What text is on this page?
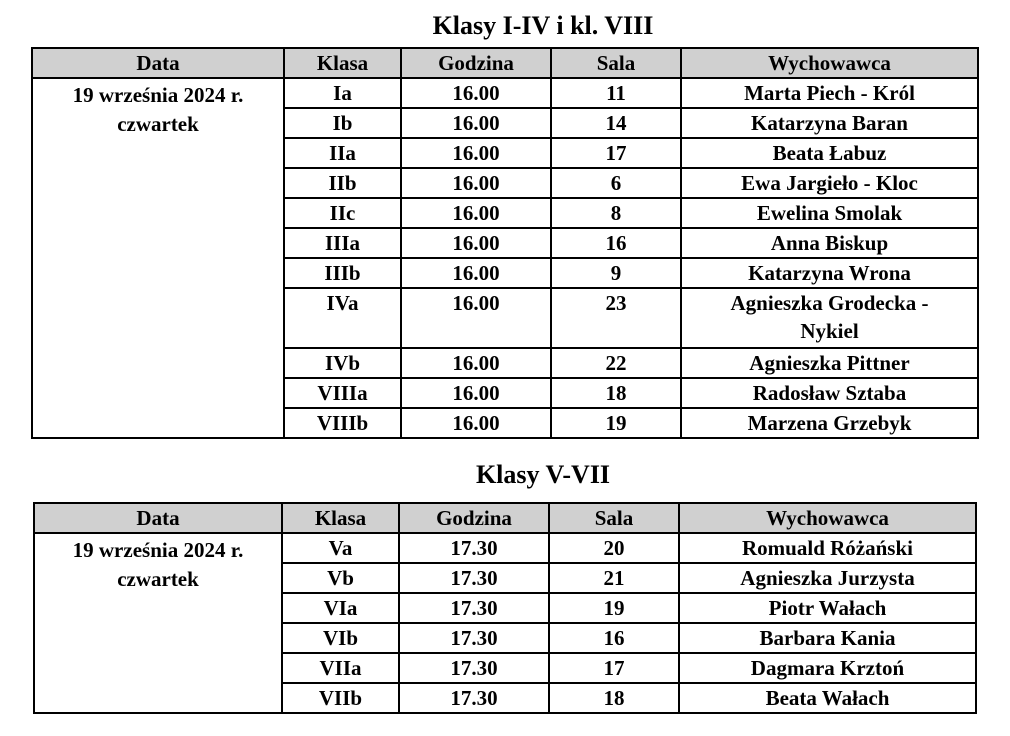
Klasy I-IV i kl. VIII
Data	Klasa	Godzina	Sala	Wychowawca

19 września 2024 r.
czwartek	Ia	16.00	11	Marta Piech - Król
	Ib	16.00	14	Katarzyna Baran
	IIa	16.00	17	Beata Łabuz
	IIb	16.00	6	Ewa Jargieło - Kloc
	IIc	16.00	8	Ewelina Smolak
	IIIa	16.00	16	Anna Biskup
	IIIb	16.00	9	Katarzyna Wrona
	IVa	16.00	23	Agnieszka Grodecka - Nykiel
	IVb	16.00	22	Agnieszka Pittner
	VIIIa	16.00	18	Radosław Sztaba
	VIIIb	16.00	19	Marzena Grzebyk
Klasy V-VII
Data	Klasa	Godzina	Sala	Wychowawca

19 września 2024 r.
czwartek	Va	17.30	20	Romuald Różański
	Vb	17.30	21	Agnieszka Jurzysta
	VIa	17.30	19	Piotr Wałach
	VIb	17.30	16	Barbara Kania
	VIIa	17.30	17	Dagmara Krztoń
	VIIb	17.30	18	Beata Wałach
